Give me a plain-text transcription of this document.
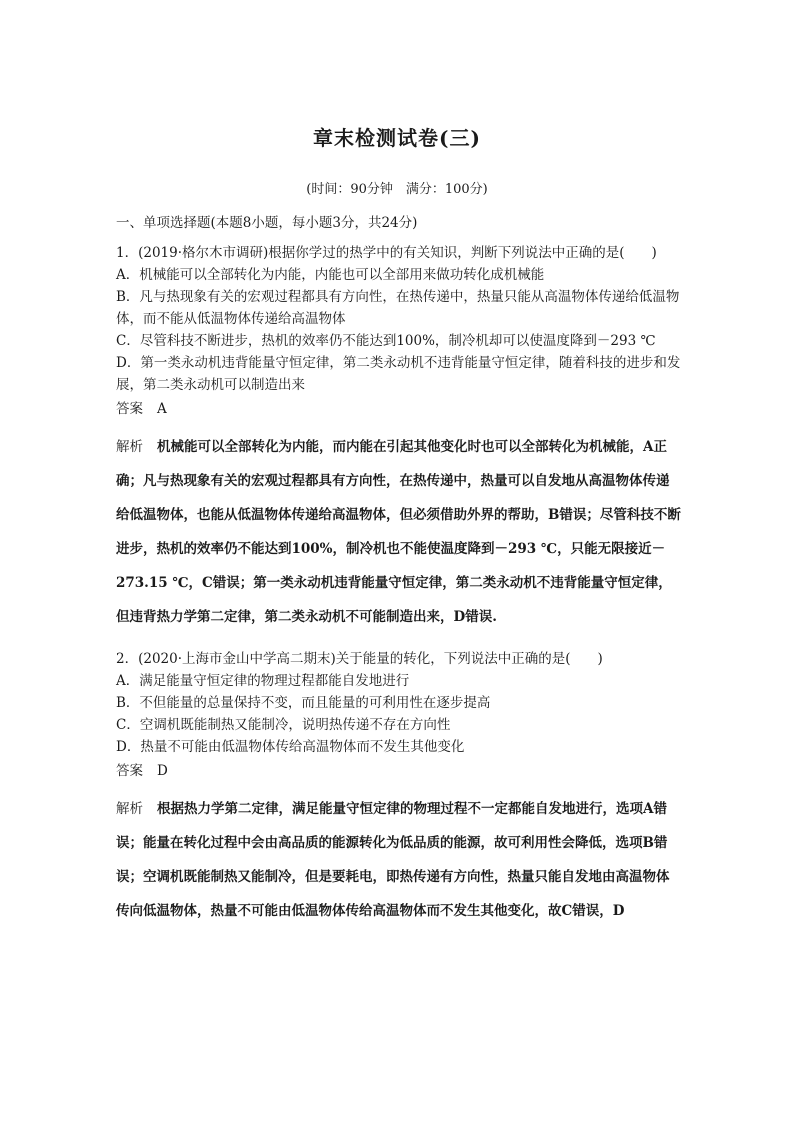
章末检测试卷(三)
(时间：90分钟　满分：100分)
一、单项选择题(本题8小题，每小题3分，共24分)
1．(2019·格尔木市调研)根据你学过的热学中的有关知识，判断下列说法中正确的是(　　)
A．机械能可以全部转化为内能，内能也可以全部用来做功转化成机械能
B．凡与热现象有关的宏观过程都具有方向性，在热传递中，热量只能从高温物体传递给低温物体，而不能从低温物体传递给高温物体
C．尽管科技不断进步，热机的效率仍不能达到100%，制冷机却可以使温度降到－293 ℃
D．第一类永动机违背能量守恒定律，第二类永动机不违背能量守恒定律，随着科技的进步和发展，第二类永动机可以制造出来
答案 A
解析 机械能可以全部转化为内能，而内能在引起其他变化时也可以全部转化为机械能，A正确；凡与热现象有关的宏观过程都具有方向性，在热传递中，热量可以自发地从高温物体传递给低温物体，也能从低温物体传递给高温物体，但必须借助外界的帮助，B错误；尽管科技不断进步，热机的效率仍不能达到100%，制冷机也不能使温度降到－293 ℃，只能无限接近－273.15 ℃，C错误；第一类永动机违背能量守恒定律，第二类永动机不违背能量守恒定律，但违背热力学第二定律，第二类永动机不可能制造出来，D错误.
2．(2020·上海市金山中学高二期末)关于能量的转化，下列说法中正确的是(　　)
A．满足能量守恒定律的物理过程都能自发地进行
B．不但能量的总量保持不变，而且能量的可利用性在逐步提高
C．空调机既能制热又能制冷，说明热传递不存在方向性
D．热量不可能由低温物体传给高温物体而不发生其他变化
答案 D
解析 根据热力学第二定律，满足能量守恒定律的物理过程不一定都能自发地进行，选项A错误；能量在转化过程中会由高品质的能源转化为低品质的能源，故可利用性会降低，选项B错误；空调机既能制热又能制冷，但是要耗电，即热传递有方向性，热量只能自发地由高温物体传向低温物体，热量不可能由低温物体传给高温物体而不发生其他变化，故C错误，D
